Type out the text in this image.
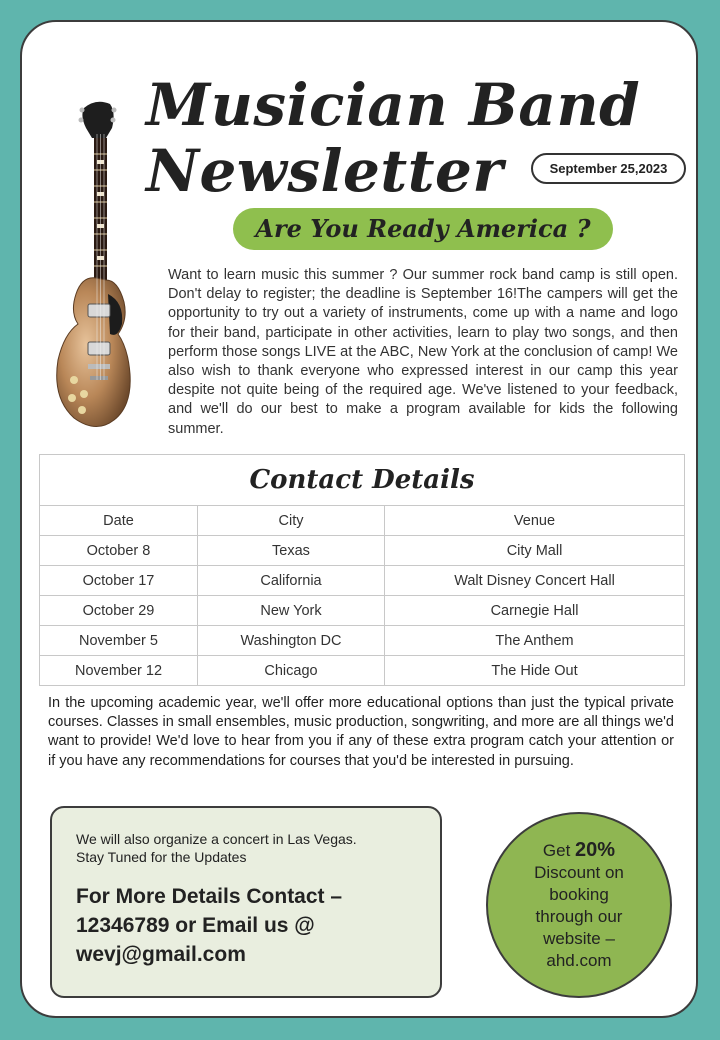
Musician Band
Newsletter	September 25,2023
Are You Ready America ?
Want to learn music this summer ? Our summer rock band camp is still open. Don't delay to register; the deadline is September 16!The campers will get the opportunity to try out a variety of instruments, come up with a name and logo for their band, participate in other activities, learn to play two songs, and then perform those songs LIVE at the ABC, New York at the conclusion of camp! We also wish to thank everyone who expressed interest in our camp this year despite not quite being of the required age. We've listened to your feedback, and we'll do our best to make a program available for kids the following summer.
Contact Details		
Date	City	Venue
October 8	Texas	City Mall
October 17	California	Walt Disney Concert Hall
October 29	New York	Carnegie Hall
November 5	Washington DC	The Anthem
November 12	Chicago	The Hide Out
In the upcoming academic year, we'll offer more educational options than just the typical private courses. Classes in small ensembles, music production, songwriting, and more are all things we'd want to provide! We'd love to hear from you if any of these extra program catch your attention or if you have any recommendations for courses that you'd be interested in pursuing.
We will also organize a concert in Las Vegas.
Stay Tuned for the Updates
For More Details Contact – 12346789 or Email us @ wevj@gmail.com
Get 20%
Discount on booking through our website – ahd.com
